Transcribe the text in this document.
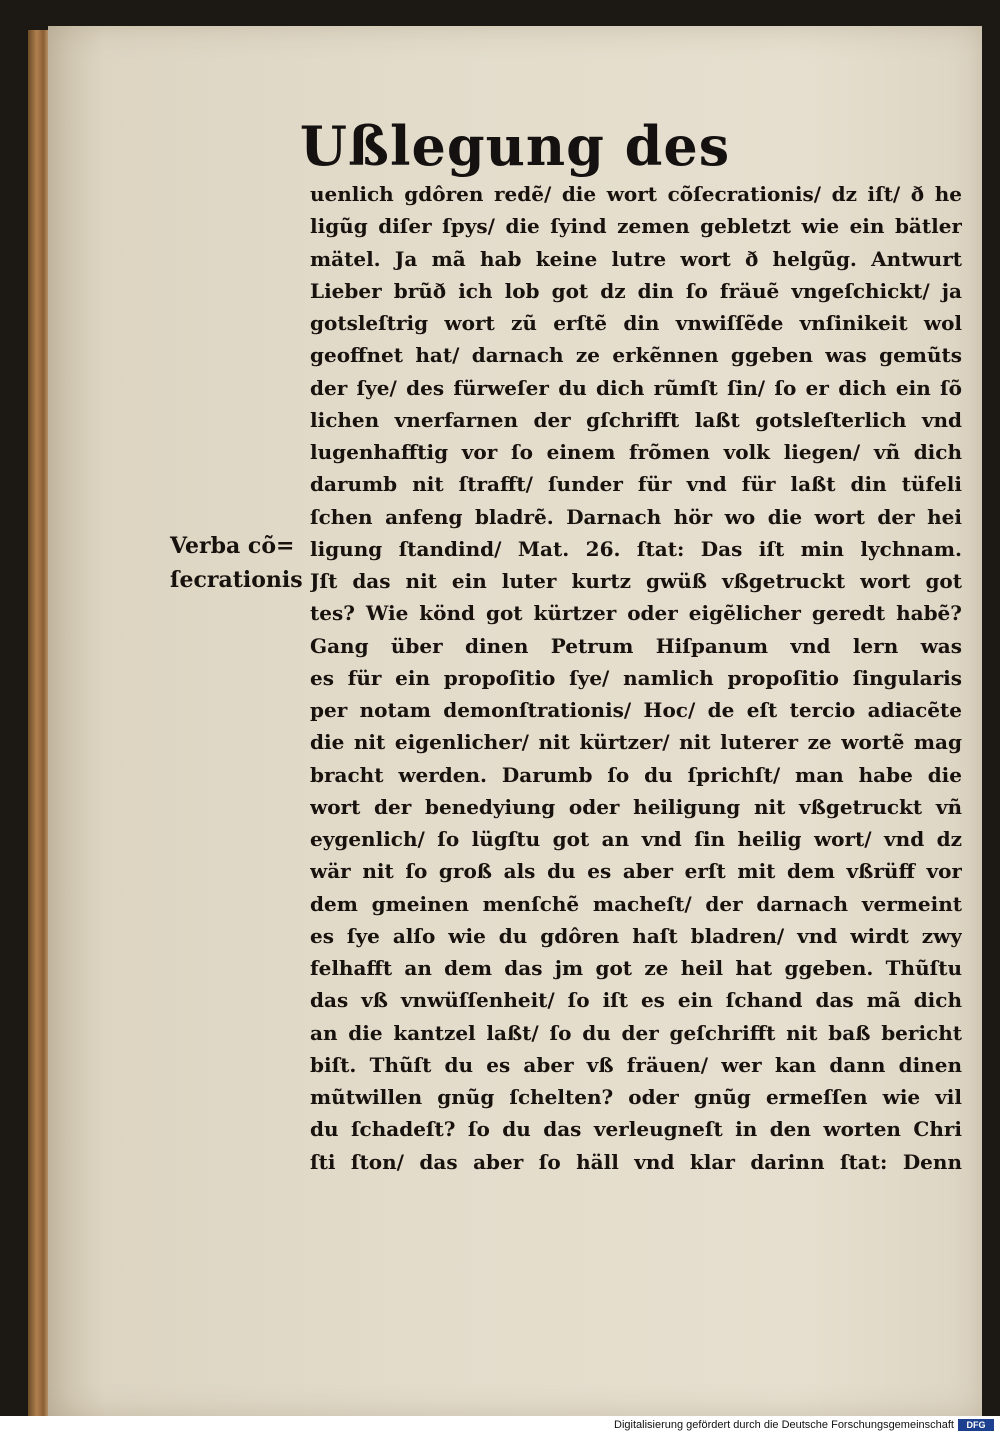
Ußlegung des
Verba cõ=
ſecrationis
uenlich gdôren redẽ/ die wort cõſecrationis/ dz iſt/ ð he
ligũg diſer ſpys/ die ſyind zemen gebletzt wie ein bätler
mätel. Ja mã hab keine lutre wort ð helgũg. Antwurt
Lieber brũð ich lob got dz din ſo fräuẽ vngeſchickt/ ja
gotsleſtrig wort zũ erſtẽ din vnwiſſẽde vnſinikeit wol
geoffnet hat/ darnach ze erkẽnnen ggeben was gemũts
der ſye/ des fürweſer du dich rũmſt ſin/ ſo er dich ein ſõ
lichen vnerfarnen der gſchrifft laßt gotsleſterlich vnd
lugenhafftig vor ſo einem frõmen volk liegen/ vñ dich
darumb nit ſtrafft/ ſunder für vnd für laßt din tüfeli
ſchen anfeng bladrẽ. Darnach hör wo die wort der hei
ligung ſtandind/ Mat. 26. ſtat: Das iſt min lychnam.
Jſt das nit ein luter kurtz gwüß vßgetruckt wort got
tes? Wie könd got kürtzer oder eigẽlicher geredt habẽ?
Gang über dinen Petrum Hiſpanum vnd lern was
es für ein propoſitio ſye/ namlich propoſitio ſingularis
per notam demonſtrationis/ Hoc/ de eſt tercio adiacẽte
die nit eigenlicher/ nit kürtzer/ nit luterer ze wortẽ mag
bracht werden. Darumb ſo du ſprichſt/ man habe die
wort der benedyiung oder heiligung nit vßgetruckt vñ
eygenlich/ ſo lügſtu got an vnd ſin heilig wort/ vnd dz
wär nit ſo groß als du es aber erſt mit dem vßrüff vor
dem gmeinen menſchẽ macheſt/ der darnach vermeint
es ſye alſo wie du gdôren haſt bladren/ vnd wirdt zwy
felhafft an dem das jm got ze heil hat ggeben. Thũſtu
das vß vnwüſſenheit/ ſo iſt es ein ſchand das mã dich
an die kantzel laßt/ ſo du der geſchrifft nit baß bericht
biſt. Thũſt du es aber vß fräuen/ wer kan dann dinen
mũtwillen gnũg ſchelten? oder gnũg ermeſſen wie vil
du ſchadeſt? ſo du das verleugneſt in den worten Chri
ſti ſton/ das aber ſo häll vnd klar darinn ſtat: Denn
Digitalisierung gefördert durch die Deutsche Forschungsgemeinschaft	DFG
